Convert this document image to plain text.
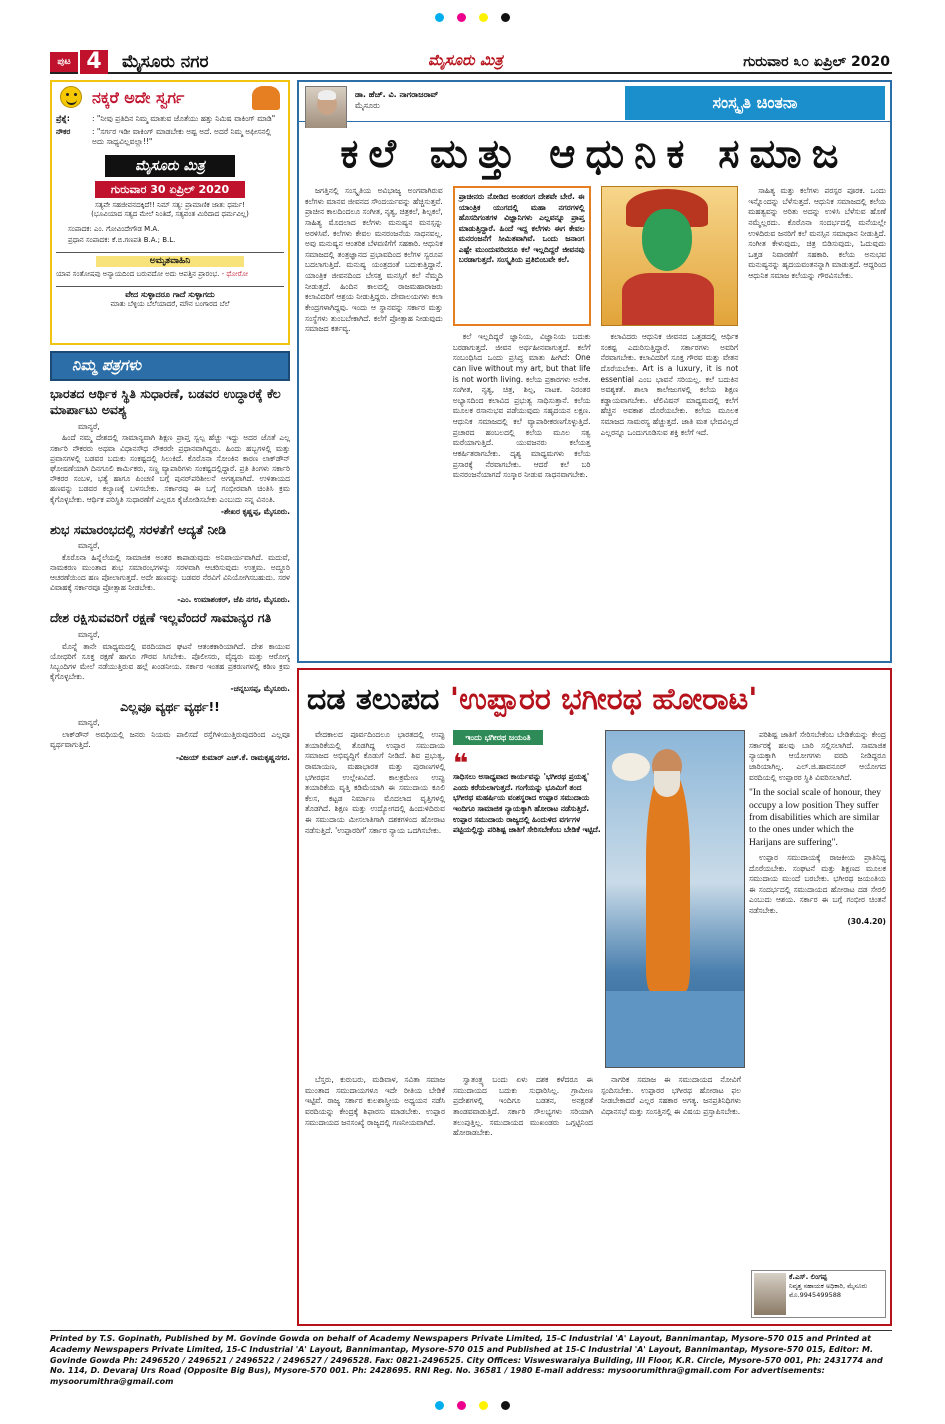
ಪುಟ 4	ಮೈಸೂರು ನಗರ	ಮೈಸೂರು ಮಿತ್ರ	ಗುರುವಾರ ೩೦ ಏಪ್ರಿಲ್ 2020
ನಕ್ಕರೆ ಅದೇ ಸ್ವರ್ಗ
ಪ್ರೆಶ್ನೆ:	: "ನೀವು ಪ್ರತಿದಿನ ನಿಮ್ಮ ಮಾತುವ ಜೊತೆಯು ಹತ್ತು ನಿಮಿಷ ವಾಕಿಂಗ್ ಮಾಡಿ"
ನೌಕರ	: "ಸರ್ಗರ ಇಡೀ ವಾಕಿಂಗ್ ಮಾಡಬೇಕು ಅಷ್ಟ ಅದೆ. ಅದರೆ ನಿಮ್ಮ ಅಫೀಸನಲ್ಲಿ ಅದು ಸಾಧ್ಯವಿಲ್ಲವಲ್ಲಾ!!"
ಮೈಸೂರು ಮಿತ್ರ
ಗುರುವಾರ 30 ಏಪ್ರಿಲ್ 2020
ಸತ್ಯವೇ ಸಹಜೀವನದಕ್ಕಿದೆ!! ನಿಮ್ ಸತ್ಯ: ಪ್ರಾಮಾಣಿಕ ಜಾತ: ಧರ್ಮ!
(ಭೂವಿಯಾದ ಸತ್ಯದ ಮೇಲೆ ನಿಂತಿದೆ, ಸತ್ಯವಂತ ಮಿರಿದಾದ ಧರ್ಮವಿಲ್ಲ)
ಸಂಪಾದಕ: ಎಂ. ಗೋವಿಂದೇಗೌಡ M.A.
ಪ್ರಧಾನ ಸಂಪಾದಕ: ಕೆ.ಬಿ.ಗಣಪತಿ B.A.; B.L.
ಅಮೃತವಾಹಿನಿ
ಯಾವ ಸಂತೋಷವು ಅನ್ಯಾಯದಿಂದ ಬರುವದೋ ಅದು ಆಪತ್ತಿನ ಪ್ರಾರಂಭ. - ಥೋರೋ
ವೇದ ಸುಳ್ಳಾದರೂ ಗಾದೆ ಸುಳ್ಳಾಗದು
ಮಾತು ಬೆಳ್ಳಿಯ ಬೆಲೆಯಾದರೆ, ಮೌನ ಬಂಗಾರದ ಬೆಲೆ
ನಿಮ್ಮ ಪತ್ರಗಳು
ಭಾರತದ ಆರ್ಥಿಕ ಸ್ಥಿತಿ ಸುಧಾರಣೆ, ಬಡವರ ಉದ್ಧಾರಕ್ಕೆ ಕೆಲ ಮಾರ್ಪಾಟು ಅವಶ್ಯ
ಮಾನ್ಯರೆ,

ಹಿಂದೆ ನಮ್ಮ ದೇಶದಲ್ಲಿ ಸಾಮಾನ್ಯವಾಗಿ ಶಿಕ್ಷಣ ಪ್ರಾಪ್ತ ಸ್ವಲ್ಪ ಹೆಚ್ಚು ಇದ್ದು ಅದರ ಜೊತೆ ಎಲ್ಲ ಸರ್ಕಾರಿ ನೌಕರರು ಅಥವಾ ವಿಧಾನಸೌಧ ನೌಕರರೇ ಪ್ರಧಾನವಾಗಿದ್ದರು. ಹಿಂದು ಹಬ್ಬಗಳಲ್ಲಿ ಮತ್ತು ಪ್ರವಾಸಗಳಲ್ಲಿ ಬಡವರ ಬದುಕು ಸಂಕಷ್ಟದಲ್ಲಿ ಸಿಲುಕಿದೆ. ಕೊರೊನಾ ಸೋಂಕಿನ ಕಾರಣ ಲಾಕ್‌ಡೌನ್ ಘೋಷಣೆಯಾಗಿ ದಿನಗೂಲಿ ಕಾರ್ಮಿಕರು, ಸಣ್ಣ ವ್ಯಾಪಾರಿಗಳು ಸಂಕಷ್ಟದಲ್ಲಿದ್ದಾರೆ. ಪ್ರತಿ ತಿಂಗಳು ಸರ್ಕಾರಿ ನೌಕರರ ಸಂಬಳ, ಭತ್ಯೆ ಹಾಗೂ ಪಿಂಚಣಿ ಬಗ್ಗೆ ಪುನರ್‌ಪರಿಶೀಲನೆ ಅಗತ್ಯವಾಗಿದೆ. ಉಳಿತಾಯದ ಹಣವನ್ನು ಬಡವರ ಕಲ್ಯಾಣಕ್ಕೆ ಬಳಸಬೇಕು. ಸರ್ಕಾರವು ಈ ಬಗ್ಗೆ ಗಂಭೀರವಾಗಿ ಚಿಂತಿಸಿ ಕ್ರಮ ಕೈಗೊಳ್ಳಬೇಕು. ಆರ್ಥಿಕ ಪರಿಸ್ಥಿತಿ ಸುಧಾರಣೆಗೆ ಎಲ್ಲರೂ ಕೈಜೋಡಿಸಬೇಕು ಎಂಬುದು ನನ್ನ ವಿನಂತಿ.

-ಶೇಖರ ಕೃಷ್ಣಪ್ಪ, ಮೈಸೂರು.
ಶುಭ ಸಮಾರಂಭದಲ್ಲಿ ಸರಳತೆಗೆ ಆದ್ಯತೆ ನೀಡಿ
ಮಾನ್ಯರೆ,

ಕೊರೊನಾ ಹಿನ್ನೆಲೆಯಲ್ಲಿ ಸಾಮಾಜಿಕ ಅಂತರ ಕಾಪಾಡುವುದು ಅನಿವಾರ್ಯವಾಗಿದೆ. ಮದುವೆ, ನಾಮಕರಣ ಮುಂತಾದ ಶುಭ ಸಮಾರಂಭಗಳನ್ನು ಸರಳವಾಗಿ ಆಚರಿಸುವುದು ಉತ್ತಮ. ಅದ್ದೂರಿ ಆಚರಣೆಯಿಂದ ಹಣ ಪೋಲಾಗುತ್ತದೆ. ಅದೇ ಹಣವನ್ನು ಬಡವರ ನೆರವಿಗೆ ವಿನಿಯೋಗಿಸಬಹುದು. ಸರಳ ವಿವಾಹಕ್ಕೆ ಸರ್ಕಾರವೂ ಪ್ರೋತ್ಸಾಹ ನೀಡಬೇಕು.

-ಎಂ. ಉಮಾಶಂಕರ್, ಜೆಪಿ ನಗರ, ಮೈಸೂರು.
ದೇಶ ರಕ್ಷಿಸುವವರಿಗೆ ರಕ್ಷಣೆ ಇಲ್ಲವೆಂದರೆ ಸಾಮಾನ್ಯರ ಗತಿ
ಮಾನ್ಯರೆ,

ಮೊನ್ನೆ ತಾನೇ ಮಾಧ್ಯಮದಲ್ಲಿ ವರದಿಯಾದ ಘಟನೆ ಆತಂಕಕಾರಿಯಾಗಿದೆ. ದೇಶ ಕಾಯುವ ಯೋಧರಿಗೆ ಸೂಕ್ತ ರಕ್ಷಣೆ ಹಾಗೂ ಗೌರವ ಸಿಗಬೇಕು. ಪೊಲೀಸರು, ವೈದ್ಯರು ಮತ್ತು ಆರೋಗ್ಯ ಸಿಬ್ಬಂದಿಗಳ ಮೇಲೆ ನಡೆಯುತ್ತಿರುವ ಹಲ್ಲೆ ಖಂಡನೀಯ. ಸರ್ಕಾರ ಇಂತಹ ಪ್ರಕರಣಗಳಲ್ಲಿ ಕಠಿಣ ಕ್ರಮ ಕೈಗೊಳ್ಳಬೇಕು.

-ಚನ್ನಬಸಪ್ಪ, ಮೈಸೂರು.
ಎಲ್ಲವೂ ವ್ಯರ್ಥ ವ್ಯರ್ಥ!!
ಮಾನ್ಯರೆ,

ಲಾಕ್‌ಡೌನ್ ಅವಧಿಯಲ್ಲಿ ಜನರು ನಿಯಮ ಪಾಲಿಸದೆ ರಸ್ತೆಗಿಳಿಯುತ್ತಿರುವುದರಿಂದ ಎಲ್ಲವೂ ವ್ಯರ್ಥವಾಗುತ್ತಿದೆ.

-ವಿಜಯ್ ಕುಮಾರ್ ಎಚ್.ಕೆ. ರಾಮಕೃಷ್ಣನಗರ.
ಡಾ. ಹೆಚ್. ವಿ. ನಾಗರಾಜರಾವ್
ಮೈಸೂರು	ಸಂಸ್ಕೃತಿ ಚಿಂತನಾ
ಕಲೆ ಮತ್ತು ಆಧುನಿಕ ಸಮಾಜ

ಜಗತ್ತಿನಲ್ಲಿ ಸಂಸ್ಕೃತಿಯ ಅವಿಭಾಜ್ಯ ಅಂಗವಾಗಿರುವ ಕಲೆಗಳು ಮಾನವ ಜೀವನದ ಸೌಂದರ್ಯವನ್ನು ಹೆಚ್ಚಿಸುತ್ತವೆ. ಪ್ರಾಚೀನ ಕಾಲದಿಂದಲೂ ಸಂಗೀತ, ನೃತ್ಯ, ಚಿತ್ರಕಲೆ, ಶಿಲ್ಪಕಲೆ, ಸಾಹಿತ್ಯ ಮೊದಲಾದ ಕಲೆಗಳು ಮನುಷ್ಯನ ಮನಸ್ಸನ್ನು ಅರಳಿಸಿವೆ. ಕಲೆಗಳು ಕೇವಲ ಮನರಂಜನೆಯ ಸಾಧನವಲ್ಲ. ಅವು ಮನುಷ್ಯನ ಆಂತರಿಕ ಬೆಳವಣಿಗೆಗೆ ಸಹಕಾರಿ. ಆಧುನಿಕ ಸಮಾಜದಲ್ಲಿ ತಂತ್ರಜ್ಞಾನದ ಪ್ರಭಾವದಿಂದ ಕಲೆಗಳ ಸ್ವರೂಪ ಬದಲಾಗುತ್ತಿದೆ. ಮನುಷ್ಯ ಯಂತ್ರದಂತೆ ಬದುಕುತ್ತಿದ್ದಾನೆ. ಯಾಂತ್ರಿಕ ಜೀವನದಿಂದ ಬೇಸತ್ತ ಮನಸ್ಸಿಗೆ ಕಲೆ ನೆಮ್ಮದಿ ನೀಡುತ್ತದೆ. ಹಿಂದಿನ ಕಾಲದಲ್ಲಿ ರಾಜಮಹಾರಾಜರು ಕಲಾವಿದರಿಗೆ ಆಶ್ರಯ ನೀಡುತ್ತಿದ್ದರು. ದೇವಾಲಯಗಳು ಕಲಾ ಕೇಂದ್ರಗಳಾಗಿದ್ದವು. ಇಂದು ಆ ಸ್ಥಾನವನ್ನು ಸರ್ಕಾರ ಮತ್ತು ಸಂಸ್ಥೆಗಳು ತುಂಬಬೇಕಾಗಿದೆ. ಕಲೆಗೆ ಪ್ರೋತ್ಸಾಹ ನೀಡುವುದು ಸಮಾಜದ ಕರ್ತವ್ಯ.

ಪ್ರಾಚೀನರು ನೋಡಿದ ಅಂತರಂಗ ದೇಶವೇ ಬೇರೆ. ಈ ಯಾಂತ್ರಿಕ ಯುಗದಲ್ಲಿ ಮಹಾ ನಗರಗಳಲ್ಲಿ ಹೊಸದಿಗಂತಗಳ ವಿಜ್ಞಾನಿಗಳು ಎಲ್ಲವನ್ನೂ ಪ್ರಾಪ್ತ ಮಾಡುತ್ತಿದ್ದಾರೆ. ಹಿಂದೆ ಇದ್ದ ಕಲೆಗಳು ಈಗ ಕೇವಲ ಮನರಂಜನೆಗೆ ಸೀಮಿತವಾಗಿವೆ. ಒಂದು ಜನಾಂಗ ಎಷ್ಟೇ ಮುಂದುವರಿದರೂ ಕಲೆ ಇಲ್ಲದಿದ್ದರೆ ಜೀವನವು ಬರಡಾಗುತ್ತದೆ. ಸಂಸ್ಕೃತಿಯ ಪ್ರತಿಬಿಂಬವೇ ಕಲೆ.

ಕಲೆ ಇಲ್ಲದಿದ್ದರೆ ಜ್ಞಾನಿಯ, ವಿಜ್ಞಾನಿಯ ಬದುಕು ಬರಡಾಗುತ್ತದೆ. ಜೀವನ ಅರ್ಥಹೀನವಾಗುತ್ತದೆ. ಕಲೆಗೆ ಸಂಬಂಧಿಸಿದ ಒಂದು ಪ್ರಸಿದ್ಧ ಮಾತು ಹೀಗಿದೆ: One can live without my art, but that life is not worth living. ಕಲೆಯ ಪ್ರಕಾರಗಳು ಅನೇಕ. ಸಂಗೀತ, ನೃತ್ಯ, ಚಿತ್ರ, ಶಿಲ್ಪ, ನಾಟಕ. ನಿರಂತರ ಅಭ್ಯಾಸದಿಂದ ಕಲಾವಿದ ಪ್ರಭುತ್ವ ಸಾಧಿಸುತ್ತಾನೆ. ಕಲೆಯ ಮೂಲಕ ರಸಾನುಭವ ಪಡೆಯುವುದು ಸಹೃದಯನ ಲಕ್ಷಣ. ಆಧುನಿಕ ಸಮಾಜದಲ್ಲಿ ಕಲೆ ವ್ಯಾಪಾರೀಕರಣಗೊಳ್ಳುತ್ತಿದೆ. ಪ್ರಚಾರದ ಹಂಬಲದಲ್ಲಿ ಕಲೆಯ ಮೂಲ ಸತ್ವ ಮರೆಯಾಗುತ್ತಿದೆ. ಯುವಜನರು ಕಲೆಯತ್ತ ಆಕರ್ಷಿತರಾಗಬೇಕು. ದೃಶ್ಯ ಮಾಧ್ಯಮಗಳು ಕಲೆಯ ಪ್ರಸಾರಕ್ಕೆ ನೆರವಾಗಬೇಕು. ಆದರೆ ಕಲೆ ಬರಿ ಮನರಂಜನೆಯಾಗದೆ ಸಂಸ್ಕಾರ ನೀಡುವ ಸಾಧನವಾಗಬೇಕು.

ಕಲಾವಿದರು ಆಧುನಿಕ ಜೀವನದ ಒತ್ತಡದಲ್ಲಿ ಆರ್ಥಿಕ ಸಂಕಷ್ಟ ಎದುರಿಸುತ್ತಿದ್ದಾರೆ. ಸರ್ಕಾರಗಳು ಅವರಿಗೆ ನೆರವಾಗಬೇಕು. ಕಲಾವಿದರಿಗೆ ಸೂಕ್ತ ಗೌರವ ಮತ್ತು ವೇತನ ದೊರೆಯಬೇಕು. Art is a luxury, it is not essential ಎಂಬ ಭಾವನೆ ಸರಿಯಲ್ಲ. ಕಲೆ ಬದುಕಿನ ಅವಶ್ಯಕತೆ. ಶಾಲಾ ಕಾಲೇಜುಗಳಲ್ಲಿ ಕಲೆಯ ಶಿಕ್ಷಣ ಕಡ್ಡಾಯವಾಗಬೇಕು. ಟೆಲಿವಿಷನ್ ಮಾಧ್ಯಮದಲ್ಲಿ ಕಲೆಗೆ ಹೆಚ್ಚಿನ ಅವಕಾಶ ದೊರೆಯಬೇಕು. ಕಲೆಯ ಮೂಲಕ ಸಮಾಜದ ಸಾಮರಸ್ಯ ಹೆಚ್ಚುತ್ತದೆ. ಜಾತಿ ಮತ ಭೇದವಿಲ್ಲದೆ ಎಲ್ಲರನ್ನೂ ಒಂದುಗೂಡಿಸುವ ಶಕ್ತಿ ಕಲೆಗೆ ಇದೆ.

ಸಾಹಿತ್ಯ ಮತ್ತು ಕಲೆಗಳು ಪರಸ್ಪರ ಪೂರಕ. ಒಂದು ಇನ್ನೊಂದನ್ನು ಬೆಳೆಸುತ್ತದೆ. ಆಧುನಿಕ ಸಮಾಜದಲ್ಲಿ ಕಲೆಯ ಮಹತ್ವವನ್ನು ಅರಿತು ಅದನ್ನು ಉಳಿಸಿ ಬೆಳೆಸುವ ಹೊಣೆ ನಮ್ಮೆಲ್ಲರದು. ಕೊರೊನಾ ಸಂದರ್ಭದಲ್ಲಿ ಮನೆಯಲ್ಲೇ ಉಳಿದಿರುವ ಜನರಿಗೆ ಕಲೆ ಮನಸ್ಸಿನ ಸಮಾಧಾನ ನೀಡುತ್ತಿದೆ. ಸಂಗೀತ ಕೇಳುವುದು, ಚಿತ್ರ ಬಿಡಿಸುವುದು, ಓದುವುದು ಒತ್ತಡ ನಿವಾರಣೆಗೆ ಸಹಕಾರಿ. ಕಲೆಯ ಅನುಭವ ಮನುಷ್ಯನನ್ನು ಹೃದಯವಂತನನ್ನಾಗಿ ಮಾಡುತ್ತದೆ. ಆದ್ದರಿಂದ ಆಧುನಿಕ ಸಮಾಜ ಕಲೆಯನ್ನು ಗೌರವಿಸಬೇಕು.

ದಡ ತಲುಪದ 'ಉಪ್ಪಾರರ ಭಗೀರಥ ಹೋರಾಟ'

ವೇದಕಾಲದ ಪೂರ್ವದಿಂದಲೂ ಭಾರತದಲ್ಲಿ ಉಪ್ಪು ತಯಾರಿಕೆಯಲ್ಲಿ ತೊಡಗಿದ್ದ ಉಪ್ಪಾರ ಸಮುದಾಯ ಸಮಾಜದ ಅಭಿವೃದ್ಧಿಗೆ ಕೊಡುಗೆ ನೀಡಿದೆ. ಶಿವ ಪ್ರಭುತ್ವ, ರಾಮಾಯಣ, ಮಹಾಭಾರತ ಮತ್ತು ಪುರಾಣಗಳಲ್ಲಿ ಭಗೀರಥನ ಉಲ್ಲೇಖವಿದೆ. ಕಾಲಕ್ರಮೇಣ ಉಪ್ಪು ತಯಾರಿಕೆಯ ವೃತ್ತಿ ಕಡಿಮೆಯಾಗಿ ಈ ಸಮುದಾಯ ಕೂಲಿ ಕೆಲಸ, ಕಟ್ಟಡ ನಿರ್ಮಾಣ ಮೊದಲಾದ ವೃತ್ತಿಗಳಲ್ಲಿ ತೊಡಗಿದೆ. ಶಿಕ್ಷಣ ಮತ್ತು ಉದ್ಯೋಗದಲ್ಲಿ ಹಿಂದುಳಿದಿರುವ ಈ ಸಮುದಾಯ ಮೀಸಲಾತಿಗಾಗಿ ದಶಕಗಳಿಂದ ಹೋರಾಟ ನಡೆಸುತ್ತಿದೆ. 'ಉಪ್ಪಾರರಿಗೆ' ಸರ್ಕಾರ ನ್ಯಾಯ ಒದಗಿಸಬೇಕು.

ಇಂದು ಭಗೀರಥ ಜಯಂತಿ
❝
ಸಾಧಿಸಲು ಅಸಾಧ್ಯವಾದ ಕಾರ್ಯವನ್ನು 'ಭಗೀರಥ ಪ್ರಯತ್ನ' ಎಂದು ಕರೆಯಲಾಗುತ್ತದೆ. ಗಂಗೆಯನ್ನು ಭೂಮಿಗೆ ತಂದ ಭಗೀರಥ ಮಹರ್ಷಿಯ ವಂಶಸ್ಥರಾದ ಉಪ್ಪಾರ ಸಮುದಾಯ ಇಂದಿಗೂ ಸಾಮಾಜಿಕ ನ್ಯಾಯಕ್ಕಾಗಿ ಹೋರಾಟ ನಡೆಸುತ್ತಿದೆ. ಉಪ್ಪಾರ ಸಮುದಾಯ ರಾಜ್ಯದಲ್ಲಿ ಹಿಂದುಳಿದ ವರ್ಗಗಳ ಪಟ್ಟಿಯಲ್ಲಿದ್ದು ಪರಿಶಿಷ್ಟ ಜಾತಿಗೆ ಸೇರಿಸಬೇಕೆಂಬ ಬೇಡಿಕೆ ಇಟ್ಟಿದೆ.

ಪರಿಶಿಷ್ಟ ಜಾತಿಗೆ ಸೇರಿಸಬೇಕೆಂಬ ಬೇಡಿಕೆಯನ್ನು ಕೇಂದ್ರ ಸರ್ಕಾರಕ್ಕೆ ಹಲವು ಬಾರಿ ಸಲ್ಲಿಸಲಾಗಿದೆ. ಸಾಮಾಜಿಕ ನ್ಯಾಯಕ್ಕಾಗಿ ಆಯೋಗಗಳು ವರದಿ ನೀಡಿದ್ದರೂ ಜಾರಿಯಾಗಿಲ್ಲ. ಎಲ್.ಜಿ.ಹಾವನೂರ್ ಆಯೋಗದ ವರದಿಯಲ್ಲಿ ಉಪ್ಪಾರರ ಸ್ಥಿತಿ ವಿವರಿಸಲಾಗಿದೆ.

"In the social scale of honour, they occupy a low position They suffer from disabilities which are similar to the ones under which the Harijans are suffering".

ಉಪ್ಪಾರ ಸಮುದಾಯಕ್ಕೆ ರಾಜಕೀಯ ಪ್ರಾತಿನಿಧ್ಯ ದೊರೆಯಬೇಕು. ಸಂಘಟನೆ ಮತ್ತು ಶಿಕ್ಷಣದ ಮೂಲಕ ಸಮುದಾಯ ಮುಂದೆ ಬರಬೇಕು. ಭಗೀರಥ ಜಯಂತಿಯ ಈ ಸಂದರ್ಭದಲ್ಲಿ ಸಮುದಾಯದ ಹೋರಾಟ ದಡ ಸೇರಲಿ ಎಂಬುದು ಆಶಯ. ಸರ್ಕಾರ ಈ ಬಗ್ಗೆ ಗಂಭೀರ ಚಿಂತನೆ ನಡೆಸಬೇಕು.

(30.4.20)

ಬೆಸ್ತರು, ಕುರುಬರು, ಮಡಿವಾಳ, ಸವಿತಾ ಸಮಾಜ ಮುಂತಾದ ಸಮುದಾಯಗಳೂ ಇದೇ ರೀತಿಯ ಬೇಡಿಕೆ ಇಟ್ಟಿವೆ. ರಾಜ್ಯ ಸರ್ಕಾರ ಕುಲಶಾಸ್ತ್ರೀಯ ಅಧ್ಯಯನ ನಡೆಸಿ ವರದಿಯನ್ನು ಕೇಂದ್ರಕ್ಕೆ ಶಿಫಾರಸು ಮಾಡಬೇಕು. ಉಪ್ಪಾರ ಸಮುದಾಯದ ಜನಸಂಖ್ಯೆ ರಾಜ್ಯದಲ್ಲಿ ಗಣನೀಯವಾಗಿದೆ.

ಸ್ವಾತಂತ್ರ್ಯ ಬಂದು ಏಳು ದಶಕ ಕಳೆದರೂ ಈ ಸಮುದಾಯದ ಬದುಕು ಸುಧಾರಿಸಿಲ್ಲ. ಗ್ರಾಮೀಣ ಪ್ರದೇಶಗಳಲ್ಲಿ ಇಂದಿಗೂ ಬಡತನ, ಅನಕ್ಷರತೆ ತಾಂಡವವಾಡುತ್ತಿದೆ. ಸರ್ಕಾರಿ ಸೌಲಭ್ಯಗಳು ಸರಿಯಾಗಿ ತಲುಪುತ್ತಿಲ್ಲ. ಸಮುದಾಯದ ಮುಖಂಡರು ಒಗ್ಗಟ್ಟಿನಿಂದ ಹೋರಾಡಬೇಕು.

ನಾಗರಿಕ ಸಮಾಜ ಈ ಸಮುದಾಯದ ನೋವಿಗೆ ಸ್ಪಂದಿಸಬೇಕು. ಉಪ್ಪಾರರ ಭಗೀರಥ ಹೋರಾಟ ಫಲ ನೀಡಬೇಕಾದರೆ ಎಲ್ಲರ ಸಹಕಾರ ಅಗತ್ಯ. ಜನಪ್ರತಿನಿಧಿಗಳು ವಿಧಾನಸಭೆ ಮತ್ತು ಸಂಸತ್ತಿನಲ್ಲಿ ಈ ವಿಷಯ ಪ್ರಸ್ತಾಪಿಸಬೇಕು.

ಕೆ.ಎಸ್. ಲಿಂಗಪ್ಪ
ನಿವೃತ್ತ ಸಹಾಯಕ ಅಧಿಕಾರಿ, ಮೈಸೂರು
ಮೊ.9945499588
Printed by T.S. Gopinath, Published by M. Govinde Gowda on behalf of Academy Newspapers Private Limited, 15-C Industrial 'A' Layout, Bannimantap, Mysore-570 015 and Printed at Academy Newspapers Private Limited, 15-C Industrial 'A' Layout, Bannimantap, Mysore-570 015 and Published at 15-C Industrial 'A' Layout, Bannimantap, Mysore-570 015, Editor: M. Govinde Gowda Ph: 2496520 / 2496521 / 2496522 / 2496527 / 2496528. Fax: 0821-2496525. City Offices: Visweswaraiya Building, III Floor, K.R. Circle, Mysore-570 001, Ph: 2431774 and No. 114, D. Devaraj Urs Road (Opposite Big Bus), Mysore-570 001. Ph: 2428695. RNI Reg. No. 36581 / 1980 E-mail address: mysoorumithra@gmail.com For advertisements: mysoorumithra@gmail.com
